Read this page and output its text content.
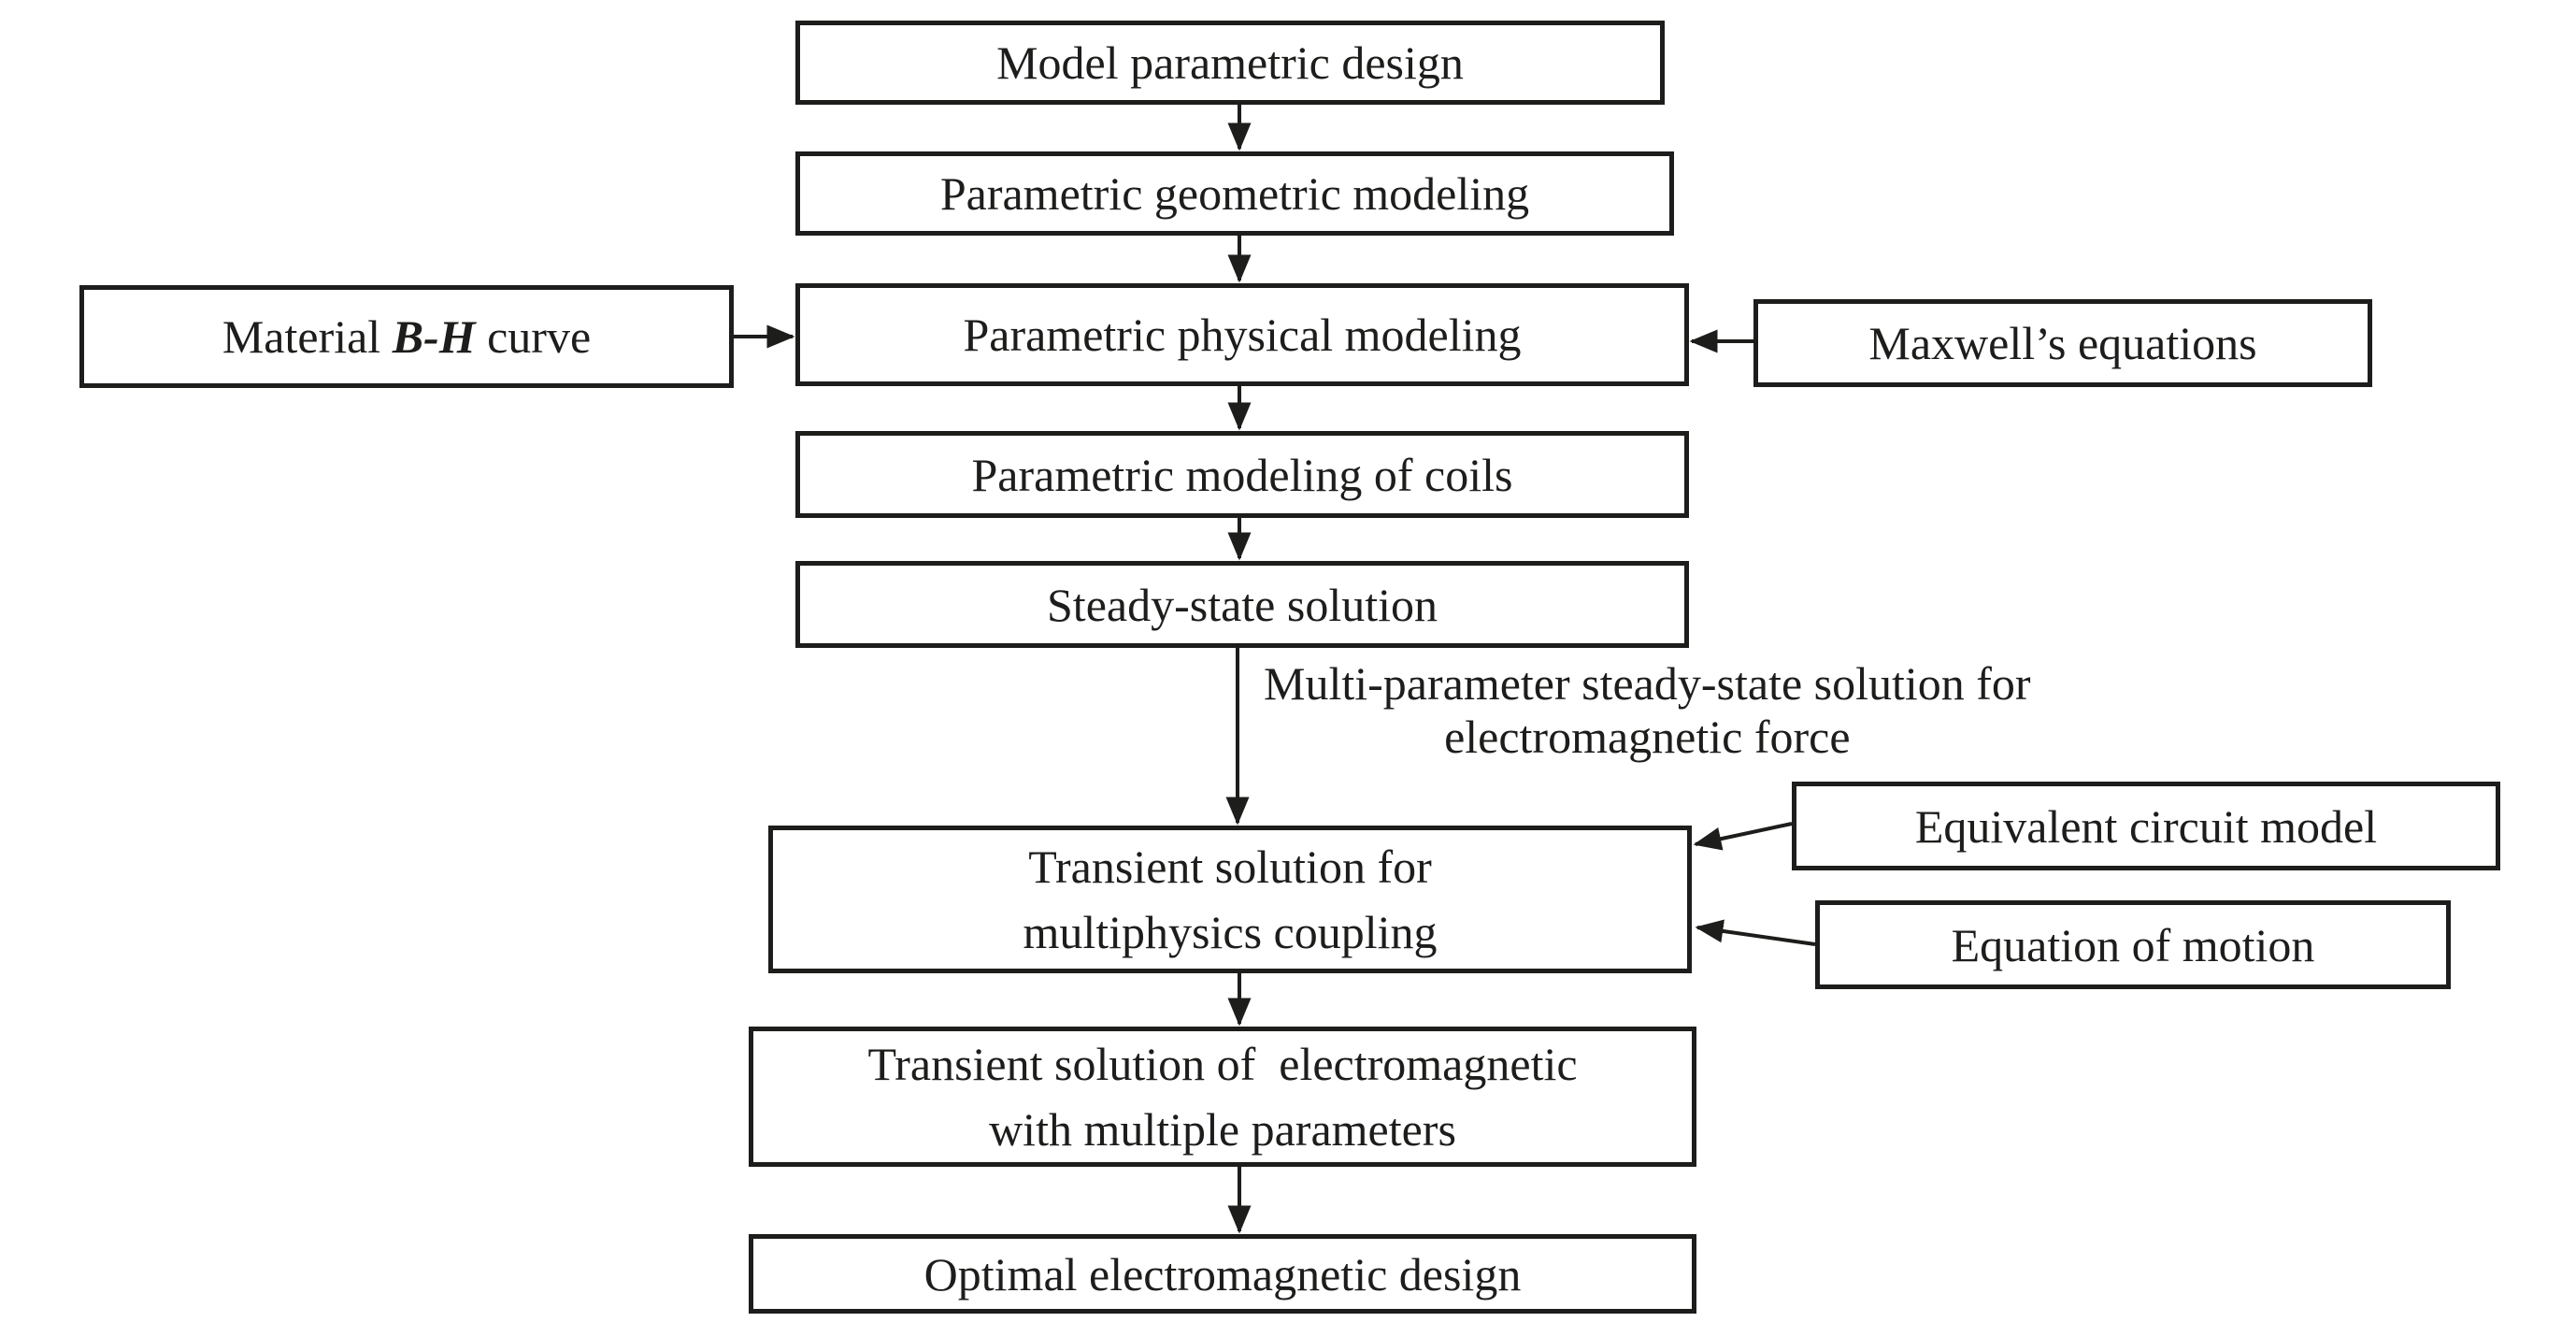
Model parametric design
Parametric geometric modeling
Material B-H curve	Parametric physical modeling	Maxwell’s equations
Parametric modeling of coils
Steady-state solution
Multi-parameter steady-state solution for
electromagnetic force
Transient solution for
multiphysics coupling
Equivalent circuit model
Equation of motion
Transient solution of  electromagnetic
with multiple parameters
Optimal electromagnetic design
